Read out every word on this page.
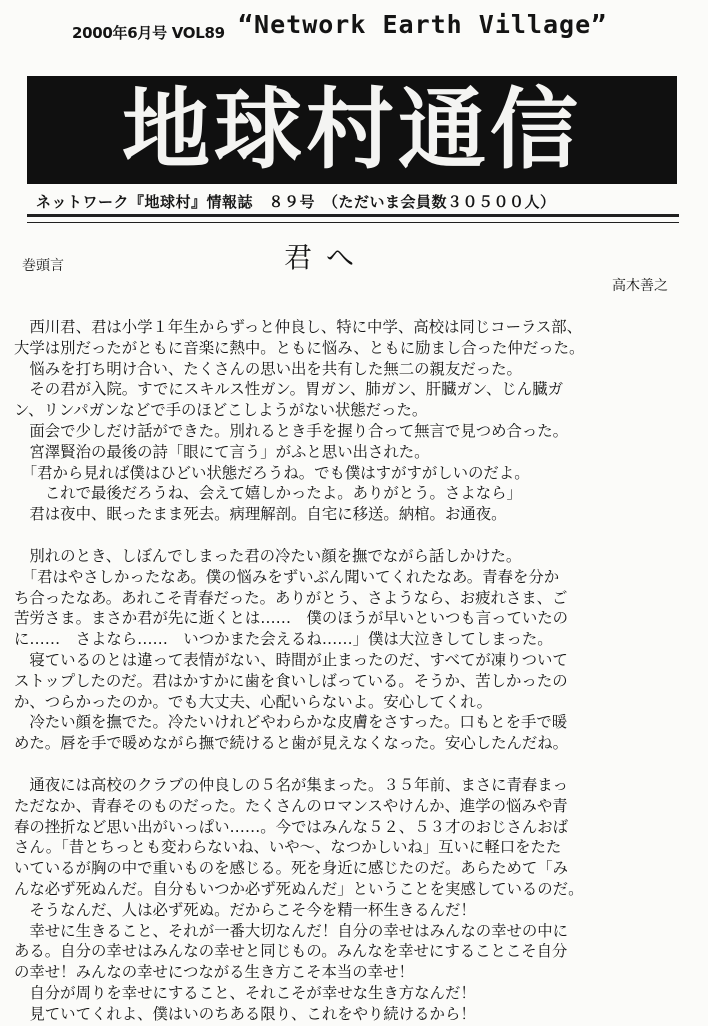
2000年6月号 VOL89 “Network Earth Village”
地球村通信
ネットワーク『地球村』情報誌　８９号　（ただいま会員数３０５００人）
巻頭言	君へ
高木善之

　西川君、君は小学１年生からずっと仲良し、特に中学、高校は同じコーラス部、

大学は別だったがともに音楽に熱中。ともに悩み、ともに励まし合った仲だった。

　悩みを打ち明け合い、たくさんの思い出を共有した無二の親友だった。

　その君が入院。すでにスキルス性ガン。胃ガン、肺ガン、肝臓ガン、じん臓ガ

ン、リンパガンなどで手のほどこしようがない状態だった。

　面会で少しだけ話ができた。別れるとき手を握り合って無言で見つめ合った。

　宮澤賢治の最後の詩「眼にて言う」がふと思い出された。

　「君から見れば僕はひどい状態だろうね。でも僕はすがすがしいのだよ。

　　これで最後だろうね、会えて嬉しかったよ。ありがとう。さよなら」

　君は夜中、眠ったまま死去。病理解剖。自宅に移送。納棺。お通夜。

　別れのとき、しぼんでしまった君の冷たい顔を撫でながら話しかけた。

　「君はやさしかったなあ。僕の悩みをずいぶん聞いてくれたなあ。青春を分か

ち合ったなあ。あれこそ青春だった。ありがとう、さようなら、お疲れさま、ご

苦労さま。まさか君が先に逝くとは……　僕のほうが早いといつも言っていたの

に……　さよなら……　いつかまた会えるね……」僕は大泣きしてしまった。

　寝ているのとは違って表情がない、時間が止まったのだ、すべてが凍りついて

ストップしたのだ。君はかすかに歯を食いしばっている。そうか、苦しかったの

か、つらかったのか。でも大丈夫、心配いらないよ。安心してくれ。

　冷たい顔を撫でた。冷たいけれどやわらかな皮膚をさすった。口もとを手で暖

めた。唇を手で暖めながら撫で続けると歯が見えなくなった。安心したんだね。

　通夜には高校のクラブの仲良しの５名が集まった。３５年前、まさに青春まっ

ただなか、青春そのものだった。たくさんのロマンスやけんか、進学の悩みや青

春の挫折など思い出がいっぱい……。今ではみんな５２、５３才のおじさんおば

さん。「昔とちっとも変わらないね、いや～、なつかしいね」互いに軽口をたた

いているが胸の中で重いものを感じる。死を身近に感じたのだ。あらためて「み

んな必ず死ぬんだ。自分もいつか必ず死ぬんだ」ということを実感しているのだ。

　そうなんだ、人は必ず死ぬ。だからこそ今を精一杯生きるんだ！

　幸せに生きること、それが一番大切なんだ！自分の幸せはみんなの幸せの中に

ある。自分の幸せはみんなの幸せと同じもの。みんなを幸せにすることこそ自分

の幸せ！みんなの幸せにつながる生き方こそ本当の幸せ！

　自分が周りを幸せにすること、それこそが幸せな生き方なんだ！

　見ていてくれよ、僕はいのちある限り、これをやり続けるから！
